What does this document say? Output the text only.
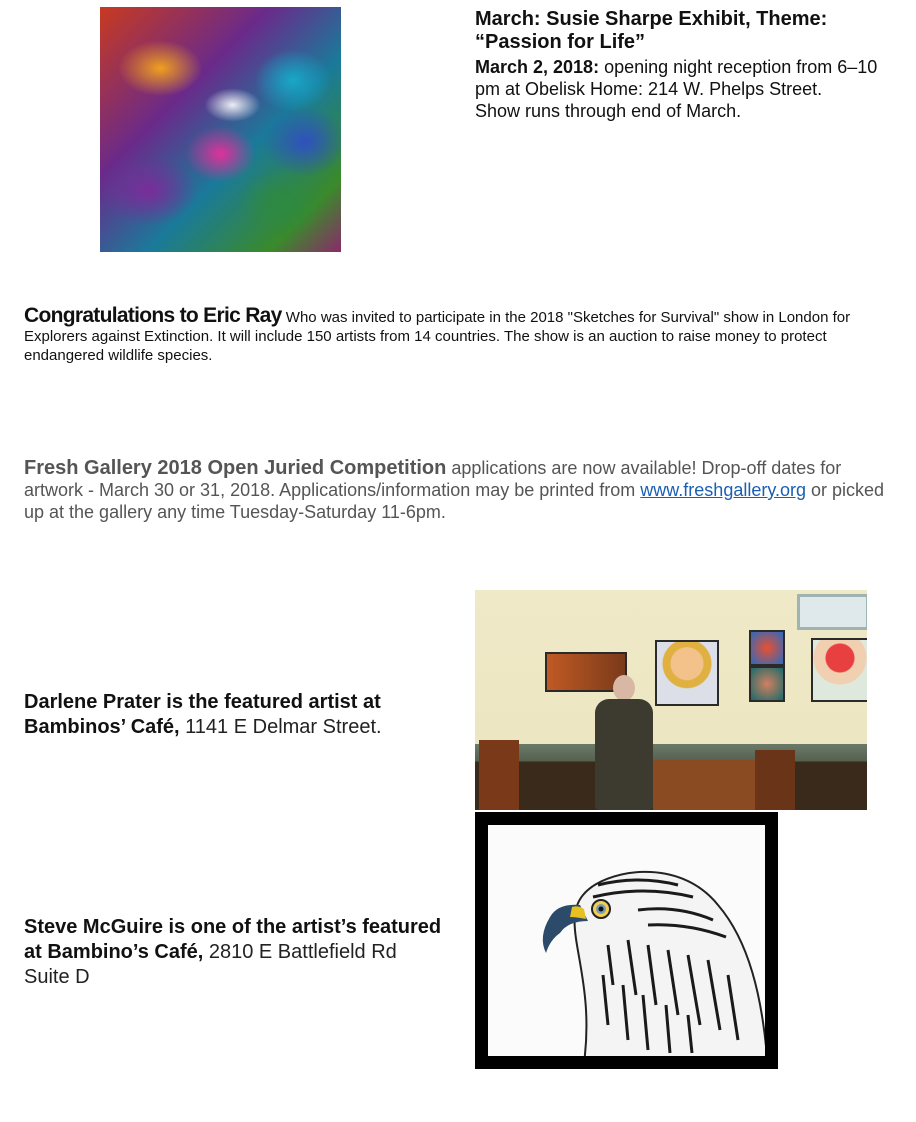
March: Susie Sharpe Exhibit, Theme: “Passion for Life”
March 2, 2018: opening night reception from 6–10 pm at Obelisk Home: 214 W. Phelps Street.
Show runs through end of March.
Congratulations to Eric Ray Who was invited to participate in the 2018 "Sketches for Survival" show in London for Explorers against Extinction. It will include 150 artists from 14 countries. The show is an auction to raise money to protect endangered wildlife species.
Fresh Gallery 2018 Open Juried Competition applications are now available! Drop-off dates for artwork - March 30 or 31, 2018. Applications/information may be printed from www.freshgallery.org or picked up at the gallery any time Tuesday-Saturday 11-6pm.
Darlene Prater is the featured artist at Bambinos’ Café, 1141 E Delmar Street.
Steve McGuire is one of the artist’s featured at Bambino’s Café, 2810 E Battlefield Rd Suite D
